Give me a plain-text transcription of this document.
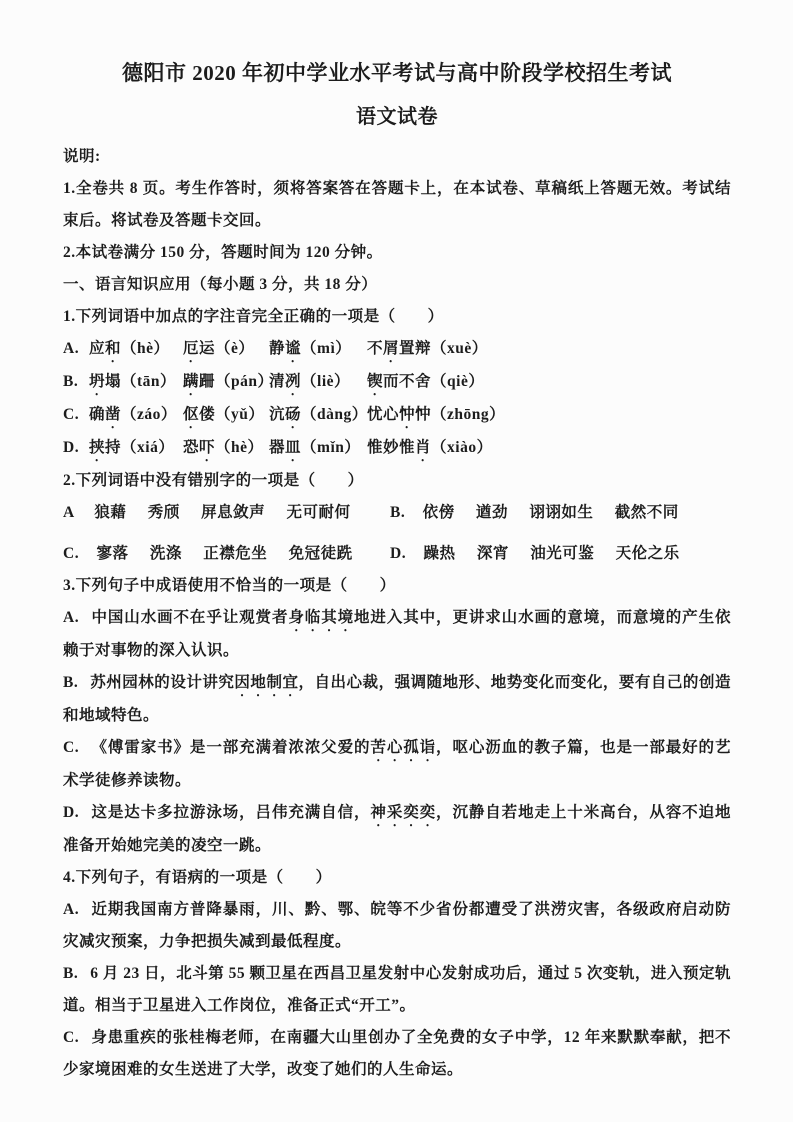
德阳市 2020 年初中学业水平考试与高中阶段学校招生考试
语文试卷

说明:

1.全卷共 8 页。考生作答时，须将答案答在答题卡上，在本试卷、草稿纸上答题无效。考试结束后。将试卷及答题卡交回。

2.本试卷满分 150 分，答题时间为 120 分钟。

一、语言知识应用（每小题 3 分，共 18 分）

1.下列词语中加点的字注音完全正确的一项是（　　）

A. 应和（hè） 厄运（è） 静谧（mì）	不屑置辩（xuè）
B. 坍塌（tān） 蹒跚（pán）
清冽（liè）	锲而不舍（qiè）
C. 确凿（záo） 伛偻（yǔ） 沆砀（dàng） 忧心忡忡（zhōng）
D. 挟持（xiá） 恐吓（hè） 器皿（mǐn） 惟妙惟肖（xiào）

2.下列词语中没有错别字的一项是（　　）

A 狼藉 秀颀 屏息敛声 无可耐何	B. 依傍 遒劲 诩诩如生 截然不同
C. 寥落 洗涤 正襟危坐 免冠徒跣	D. 躁热 深宵 油光可鉴 天伦之乐

3.下列句子中成语使用不恰当的一项是（　　）

A. 中国山水画不在乎让观赏者身临其境地进入其中，更讲求山水画的意境，而意境的产生依赖于对事物的深入认识。

B. 苏州园林的设计讲究因地制宜，自出心裁，强调随地形、地势变化而变化，要有自己的创造和地域特色。

C. 《傅雷家书》是一部充满着浓浓父爱的苦心孤诣，呕心沥血的教子篇，也是一部最好的艺术学徒修养读物。

D. 这是达卡多拉游泳场，吕伟充满自信，神采奕奕，沉静自若地走上十米高台，从容不迫地准备开始她完美的凌空一跳。

4.下列句子，有语病的一项是（　　）

A. 近期我国南方普降暴雨，川、黔、鄂、皖等不少省份都遭受了洪涝灾害，各级政府启动防灾减灾预案，力争把损失减到最低程度。

B. 6 月 23 日，北斗第 55 颗卫星在西昌卫星发射中心发射成功后，通过 5 次变轨，进入预定轨道。相当于卫星进入工作岗位，准备正式“开工”。

C. 身患重疾的张桂梅老师，在南疆大山里创办了全免费的女子中学，12 年来默默奉献，把不少家境困难的女生送进了大学，改变了她们的人生命运。
